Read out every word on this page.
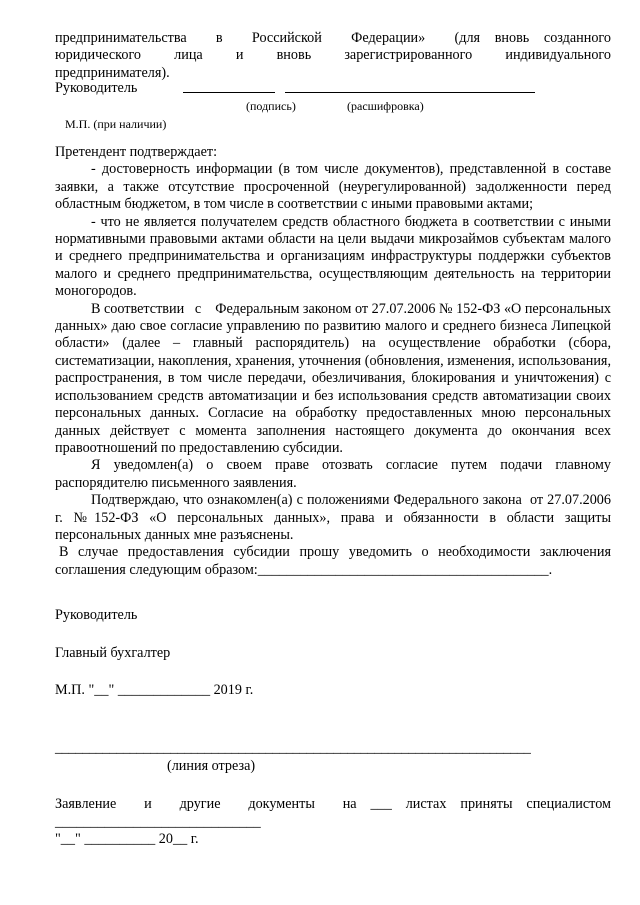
предпринимательства    в    Российской    Федерации»    (для  вновь  созданного

юридического     лица     и     вновь     зарегистрированного     индивидуального

предпринимателя).

Руководитель
(подпись)	(расшифровка)

М.П. (при наличии)

Претендент подтверждает:

- достоверность информации (в том числе документов), представленной в составе заявки, а также отсутствие просроченной (неурегулированной) задолженности перед областным бюджетом, в том числе в соответствии с иными правовыми актами;

- что не является получателем средств областного бюджета в соответствии с иными нормативными правовыми актами области на цели выдачи микрозаймов субъектам малого и среднего предпринимательства и организациям инфраструктуры поддержки субъектов малого и среднего предпринимательства, осуществляющим деятельность на территории моногородов.

В соответствии   с    Федеральным законом от 27.07.2006 № 152-ФЗ «О персональных данных» даю свое согласие управлению по развитию малого и среднего бизнеса Липецкой области» (далее – главный распорядитель) на осуществление обработки (сбора, систематизации, накопления, хранения, уточнения (обновления, изменения, использования, распространения, в том числе передачи, обезличивания, блокирования и уничтожения) с использованием средств автоматизации и без использования средств автоматизации своих персональных данных. Согласие на обработку предоставленных мною персональных данных действует с момента заполнения настоящего документа до окончания всех правоотношений по предоставлению субсидии.

Я уведомлен(а) о своем праве отозвать согласие путем подачи главному распорядителю письменного заявления.

Подтверждаю, что ознакомлен(а) с положениями Федерального закона  от 27.07.2006 г. №152-ФЗ «О персональных данных», права и обязанности в области защиты персональных данных мне разъяснены.

В случае предоставления субсидии прошу уведомить о необходимости заключения соглашения следующим образом:_________________________________________.

Руководитель

Главный бухгалтер

М.П. "__" _____________ 2019 г.

______________________________________________________________________

(линия отреза)

Заявление    и    другие    документы    на  ___  листах  приняты  специалистом

_____________________________

"__" __________ 20__ г.
